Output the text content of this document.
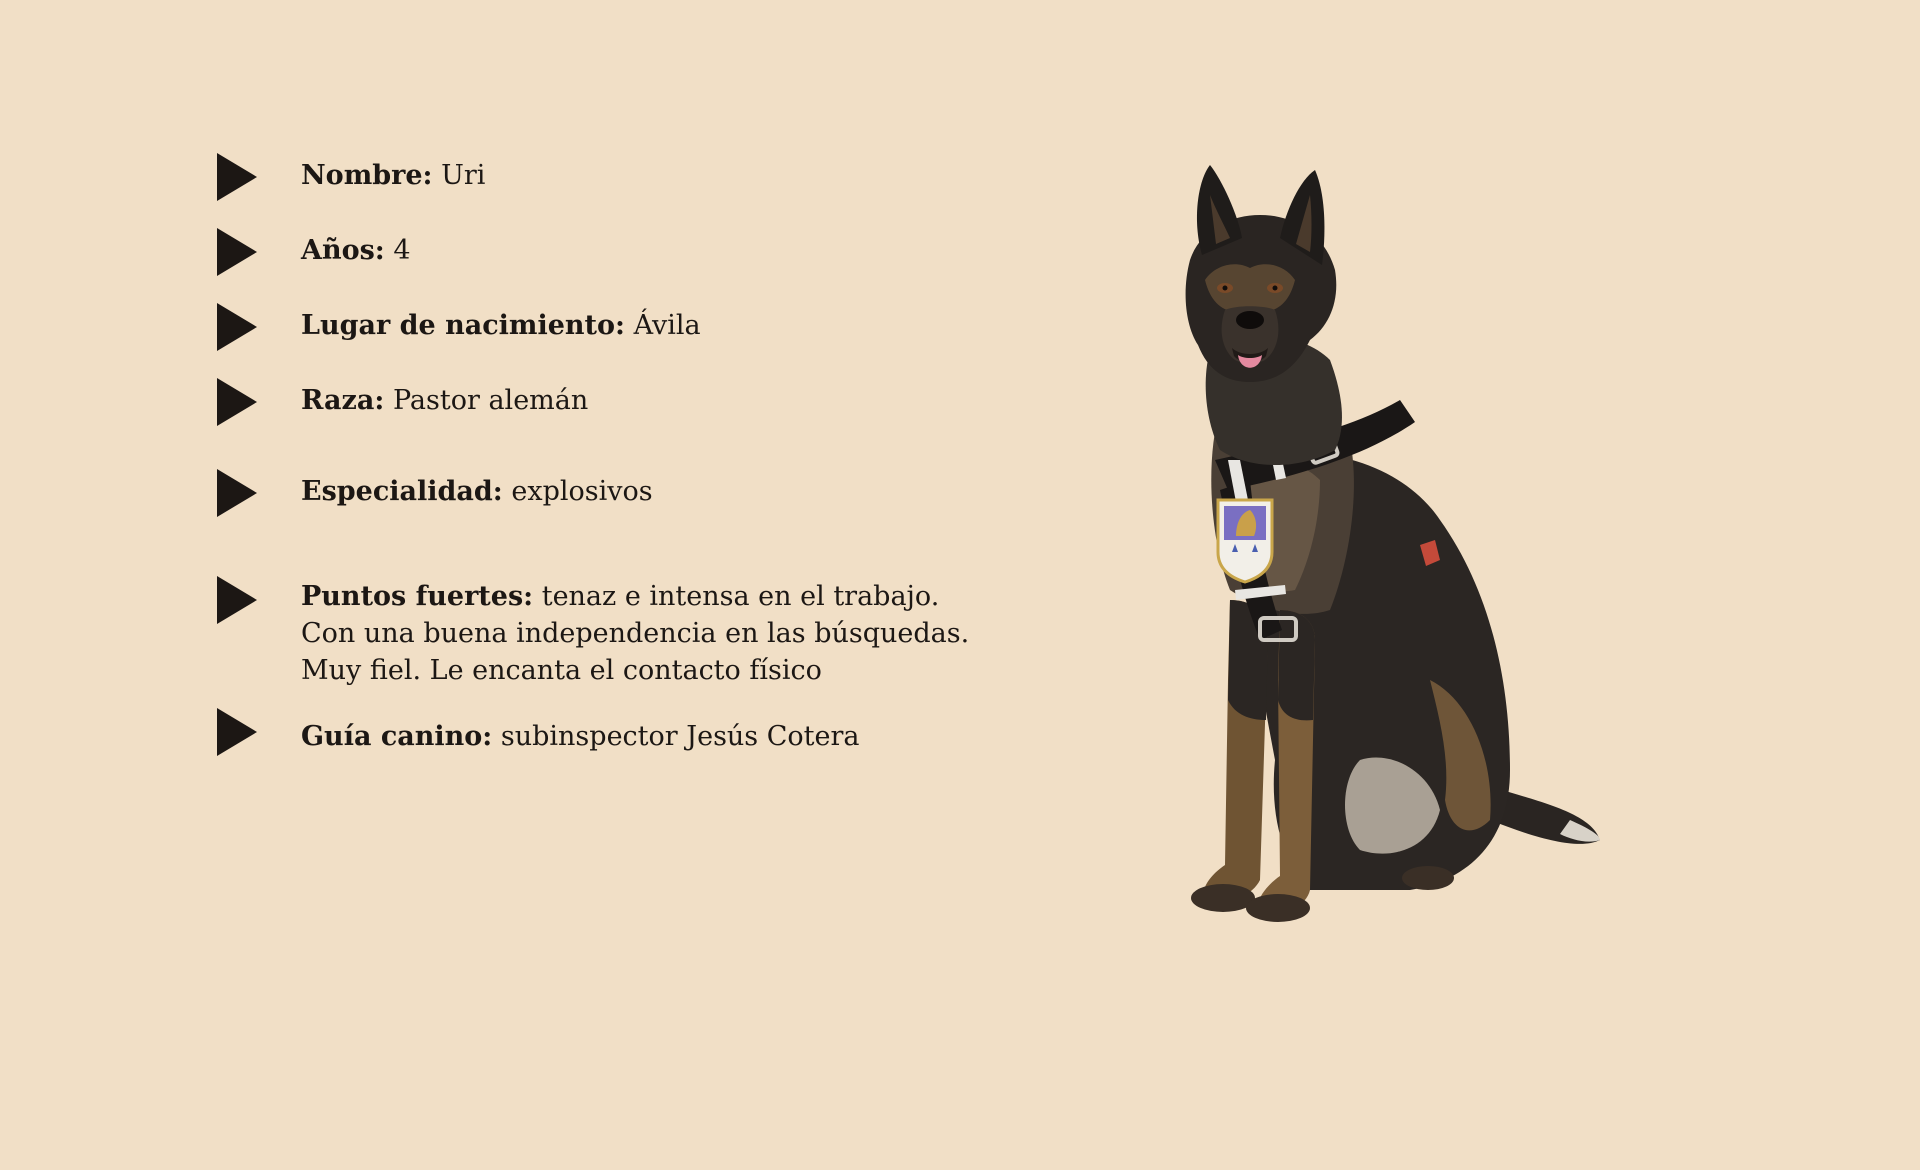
Nombre: Uri
Años: 4
Lugar de nacimiento: Ávila
Raza: Pastor alemán
Especialidad: explosivos
Puntos fuertes: tenaz e intensa en el trabajo.
Con una buena independencia en las búsquedas.
Muy fiel. Le encanta el contacto físico
Guía canino: subinspector Jesús Cotera
